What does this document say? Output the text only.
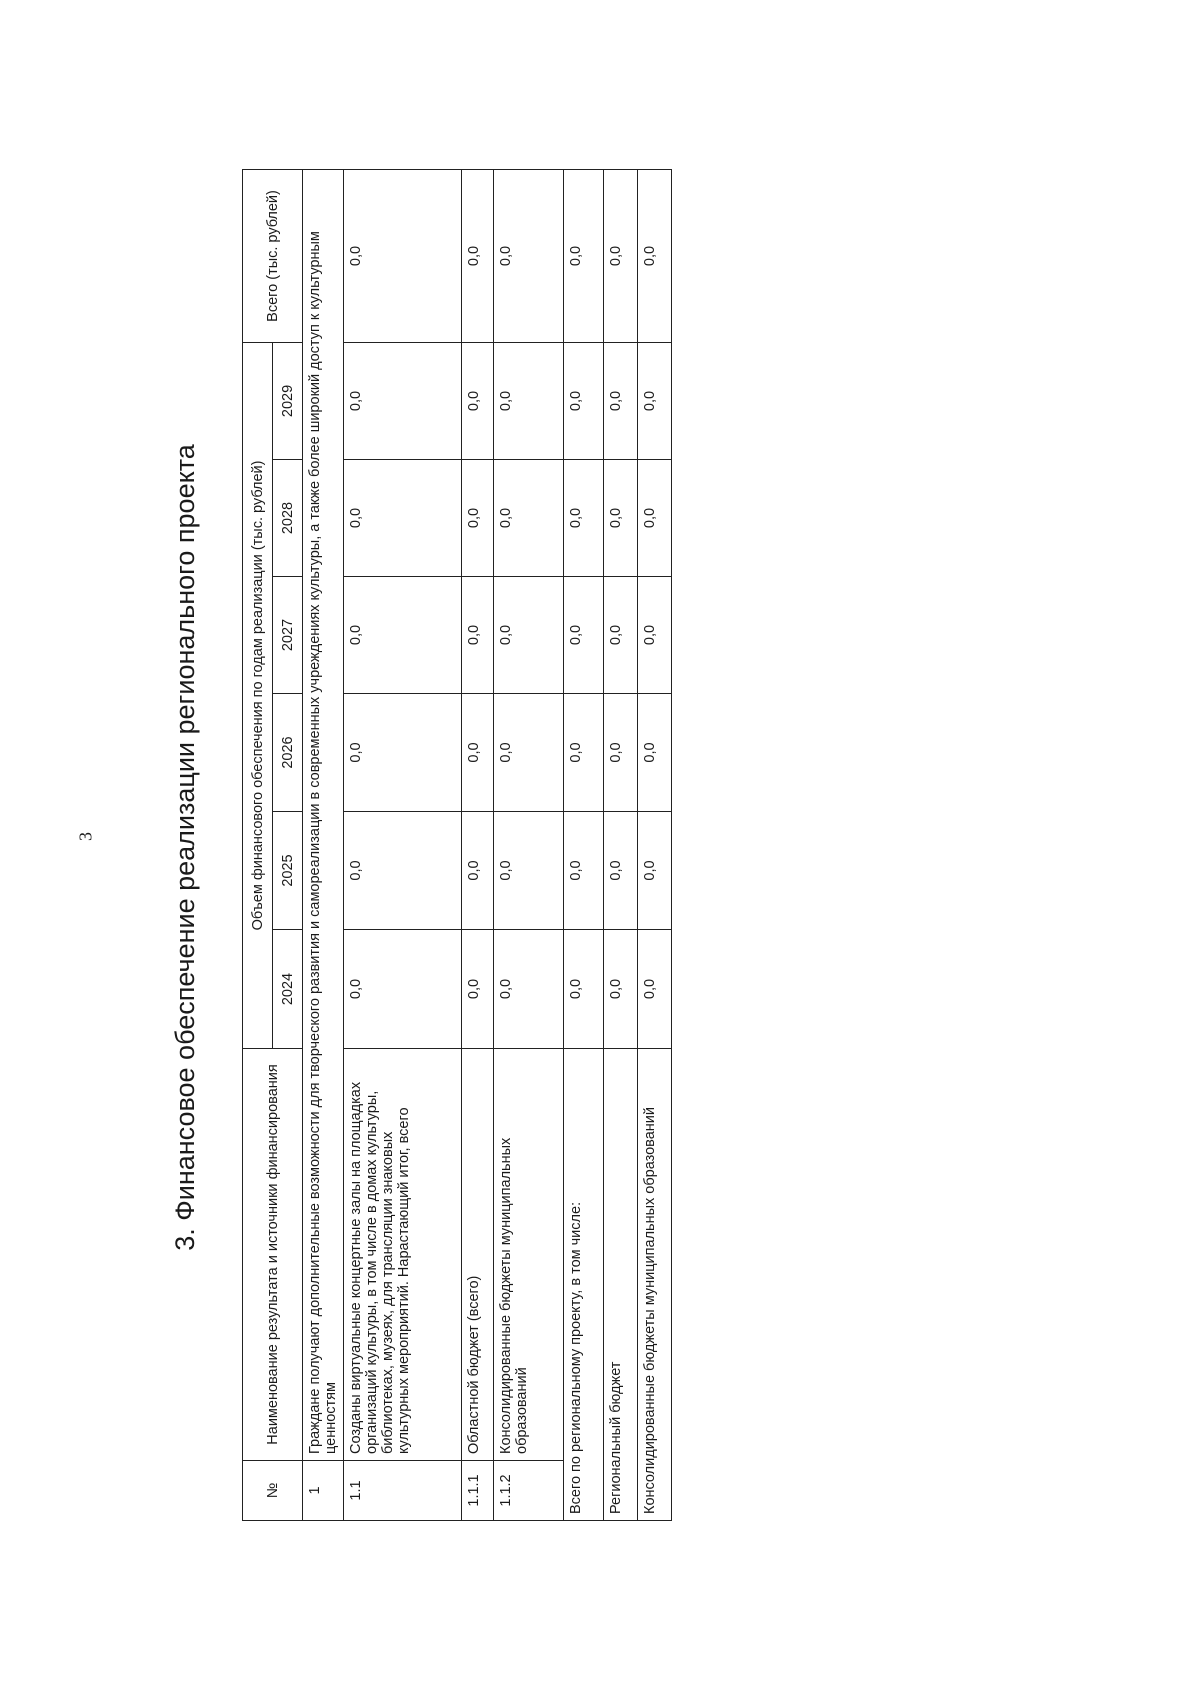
3	3. Финансовое обеспечение реализации регионального проекта
№	Наименование результата и источники финансирования	Объем финансового обеспечения по годам реализации (тыс. рублей)						Всего (тыс. рублей)
		2024	2025	2026	2027	2028	2029	
1	Граждане получают дополнительные возможности для творческого развития и самореализации в современных учреждениях культуры, а также более широкий доступ к культурным ценностям							
1.1	Созданы виртуальные концертные залы на площадках организаций культуры, в том числе в домах культуры, библиотеках, музеях, для трансляции знаковых культурных мероприятий. Нарастающий итог, всего	0,0	0,0	0,0	0,0	0,0	0,0	0,0
1.1.1	Областной бюджет (всего)	0,0	0,0	0,0	0,0	0,0	0,0	0,0
1.1.2	Консолидированные бюджеты муниципальных образований	0,0	0,0	0,0	0,0	0,0	0,0	0,0
Всего по региональному проекту, в том числе:		0,0	0,0	0,0	0,0	0,0	0,0	0,0
Региональный бюджет		0,0	0,0	0,0	0,0	0,0	0,0	0,0
Консолидированные бюджеты муниципальных образований		0,0	0,0	0,0	0,0	0,0	0,0	0,0
